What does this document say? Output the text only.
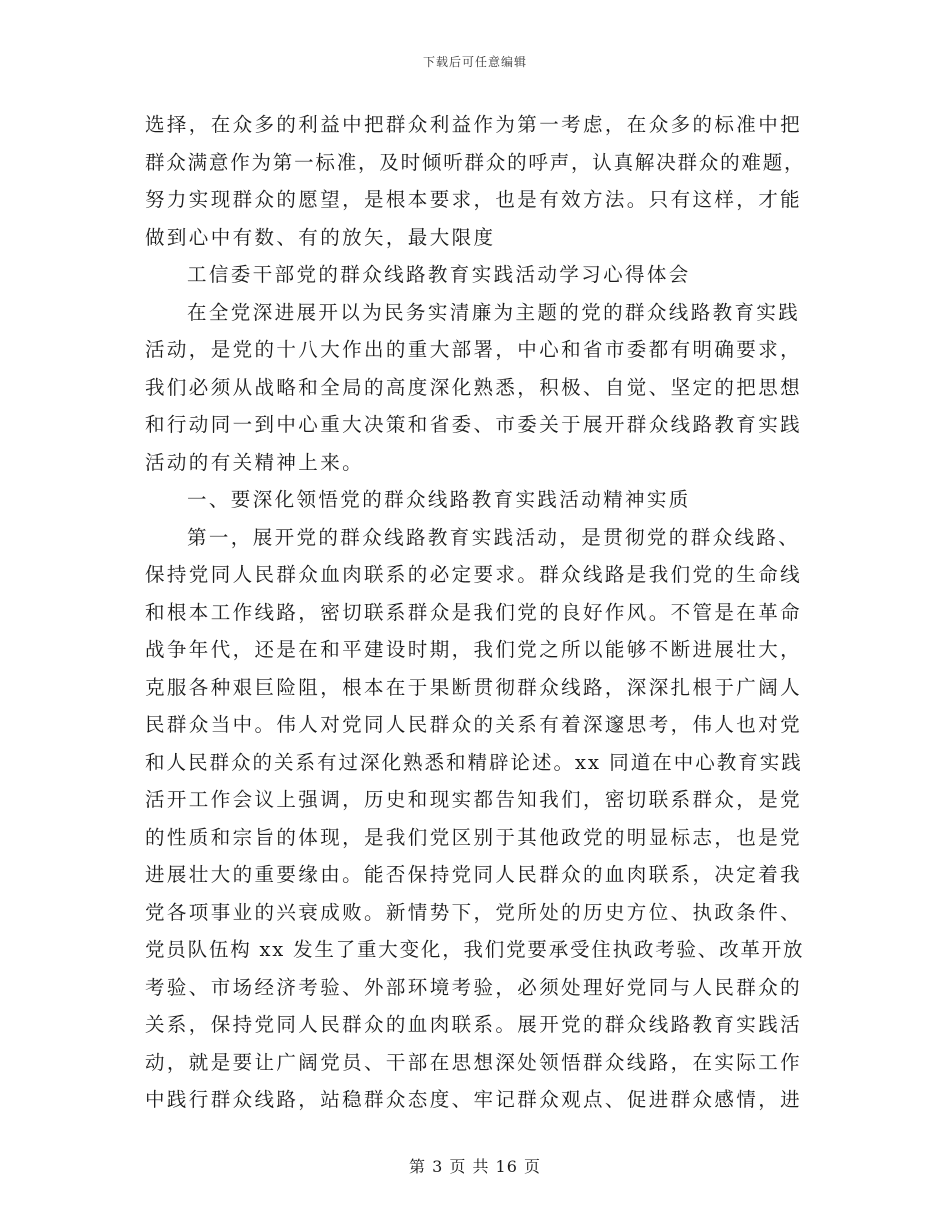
下载后可任意编辑
选择，在众多的利益中把群众利益作为第一考虑，在众多的标准中把
群众满意作为第一标准，及时倾听群众的呼声，认真解决群众的难题，
努力实现群众的愿望，是根本要求，也是有效方法。只有这样，才能
做到心中有数、有的放矢，最大限度
工信委干部党的群众线路教育实践活动学习心得体会
在全党深进展开以为民务实清廉为主题的党的群众线路教育实践
活动，是党的十八大作出的重大部署，中心和省市委都有明确要求，
我们必须从战略和全局的高度深化熟悉，积极、自觉、坚定的把思想
和行动同一到中心重大决策和省委、市委关于展开群众线路教育实践
活动的有关精神上来。
一、要深化领悟党的群众线路教育实践活动精神实质
第一，展开党的群众线路教育实践活动，是贯彻党的群众线路、
保持党同人民群众血肉联系的必定要求。群众线路是我们党的生命线
和根本工作线路，密切联系群众是我们党的良好作风。不管是在革命
战争年代，还是在和平建设时期，我们党之所以能够不断进展壮大，
克服各种艰巨险阻，根本在于果断贯彻群众线路，深深扎根于广阔人
民群众当中。伟人对党同人民群众的关系有着深邃思考，伟人也对党
和人民群众的关系有过深化熟悉和精辟论述。xx 同道在中心教育实践
活开工作会议上强调，历史和现实都告知我们，密切联系群众，是党
的性质和宗旨的体现，是我们党区别于其他政党的明显标志，也是党
进展壮大的重要缘由。能否保持党同人民群众的血肉联系，决定着我
党各项事业的兴衰成败。新情势下，党所处的历史方位、执政条件、
党员队伍构 xx 发生了重大变化，我们党要承受住执政考验、改革开放
考验、市场经济考验、外部环境考验，必须处理好党同与人民群众的
关系，保持党同人民群众的血肉联系。展开党的群众线路教育实践活
动，就是要让广阔党员、干部在思想深处领悟群众线路，在实际工作
中践行群众线路，站稳群众态度、牢记群众观点、促进群众感情，进
第 3 页 共 16 页
